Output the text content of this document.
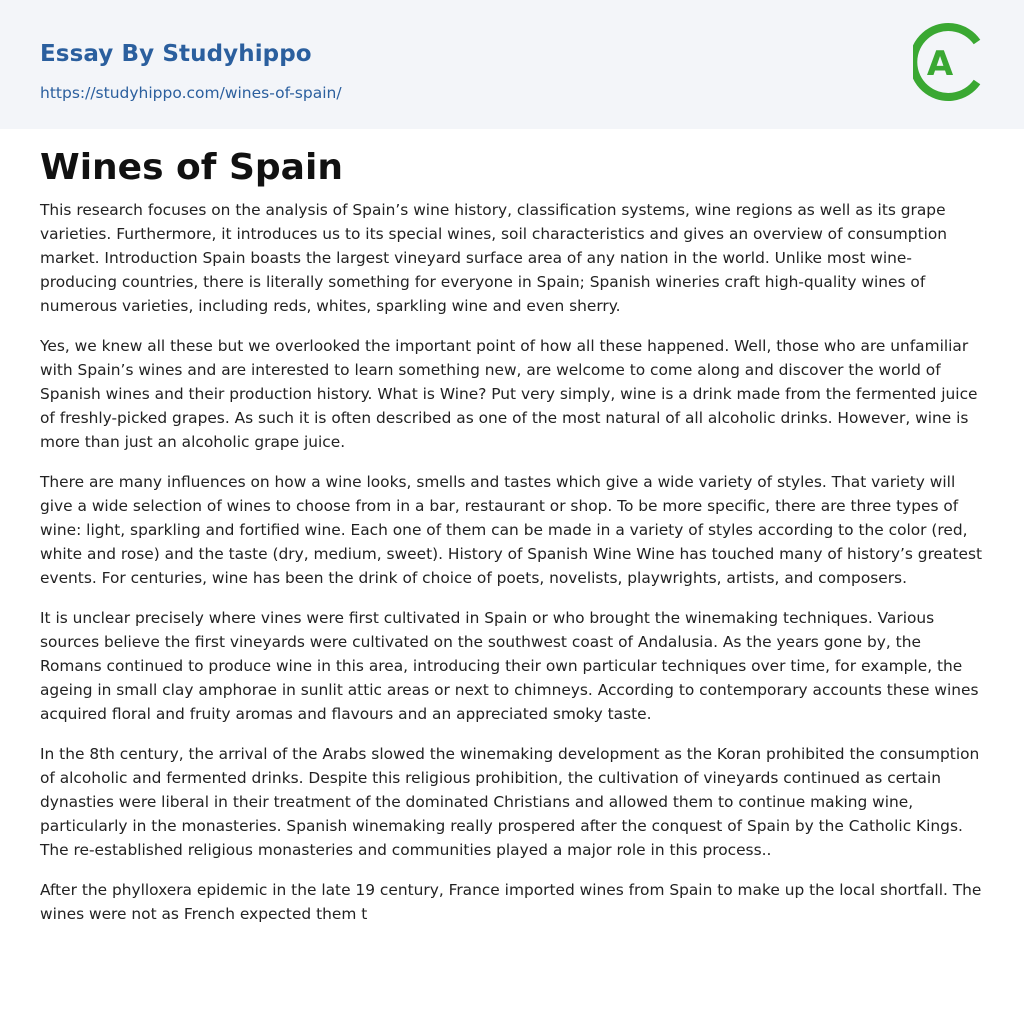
Essay By Studyhippo
https://studyhippo.com/wines-of-spain/
A
Wines of Spain

This research focuses on the analysis of Spain’s wine history, classification systems, wine regions as well as its grape varieties. Furthermore, it introduces us to its special wines, soil characteristics and gives an overview of consumption market. Introduction Spain boasts the largest vineyard surface area of any nation in the world. Unlike most wine-producing countries, there is literally something for everyone in Spain; Spanish wineries craft high-quality wines of numerous varieties, including reds, whites, sparkling wine and even sherry.

Yes, we knew all these but we overlooked the important point of how all these happened. Well, those who are unfamiliar with Spain’s wines and are interested to learn something new, are welcome to come along and discover the world of Spanish wines and their production history. What is Wine? Put very simply, wine is a drink made from the fermented juice of freshly-picked grapes. As such it is often described as one of the most natural of all alcoholic drinks. However, wine is more than just an alcoholic grape juice.

There are many influences on how a wine looks, smells and tastes which give a wide variety of styles. That variety will give a wide selection of wines to choose from in a bar, restaurant or shop. To be more specific, there are three types of wine: light, sparkling and fortified wine. Each one of them can be made in a variety of styles according to the color (red, white and rose) and the taste (dry, medium, sweet). History of Spanish Wine Wine has touched many of history’s greatest events. For centuries, wine has been the drink of choice of poets, novelists, playwrights, artists, and composers.

It is unclear precisely where vines were first cultivated in Spain or who brought the winemaking techniques. Various sources believe the first vineyards were cultivated on the southwest coast of Andalusia. As the years gone by, the Romans continued to produce wine in this area, introducing their own particular techniques over time, for example, the ageing in small clay amphorae in sunlit attic areas or next to chimneys. According to contemporary accounts these wines acquired floral and fruity aromas and flavours and an appreciated smoky taste.

In the 8th century, the arrival of the Arabs slowed the winemaking development as the Koran prohibited the consumption of alcoholic and fermented drinks. Despite this religious prohibition, the cultivation of vineyards continued as certain dynasties were liberal in their treatment of the dominated Christians and allowed them to continue making wine, particularly in the monasteries. Spanish winemaking really prospered after the conquest of Spain by the Catholic Kings. The re-established religious monasteries and communities played a major role in this process..

After the phylloxera epidemic in the late 19 century, France imported wines from Spain to make up the local shortfall. The wines were not as French expected them t
